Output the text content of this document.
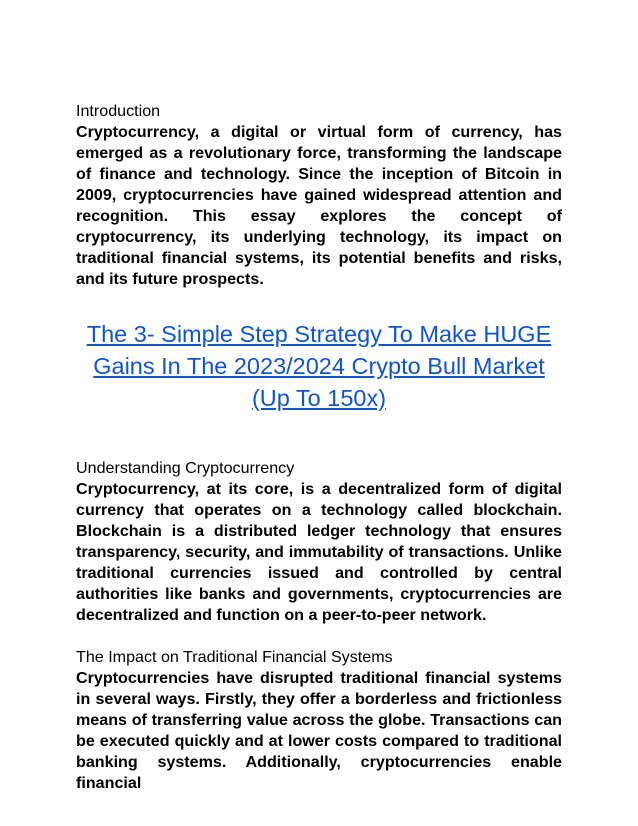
Introduction
Cryptocurrency, a digital or virtual form of currency, has emerged as a revolutionary force, transforming the landscape of finance and technology. Since the inception of Bitcoin in 2009, cryptocurrencies have gained widespread attention and recognition. This essay explores the concept of cryptocurrency, its underlying technology, its impact on traditional financial systems, its potential benefits and risks, and its future prospects.
The 3- Simple Step Strategy To Make HUGE Gains In The 2023/2024 Crypto Bull Market (Up To 150x)
Understanding Cryptocurrency
Cryptocurrency, at its core, is a decentralized form of digital currency that operates on a technology called blockchain. Blockchain is a distributed ledger technology that ensures transparency, security, and immutability of transactions. Unlike traditional currencies issued and controlled by central authorities like banks and governments, cryptocurrencies are decentralized and function on a peer-to-peer network.
The Impact on Traditional Financial Systems
Cryptocurrencies have disrupted traditional financial systems in several ways. Firstly, they offer a borderless and frictionless means of transferring value across the globe. Transactions can be executed quickly and at lower costs compared to traditional banking systems. Additionally, cryptocurrencies enable financial
